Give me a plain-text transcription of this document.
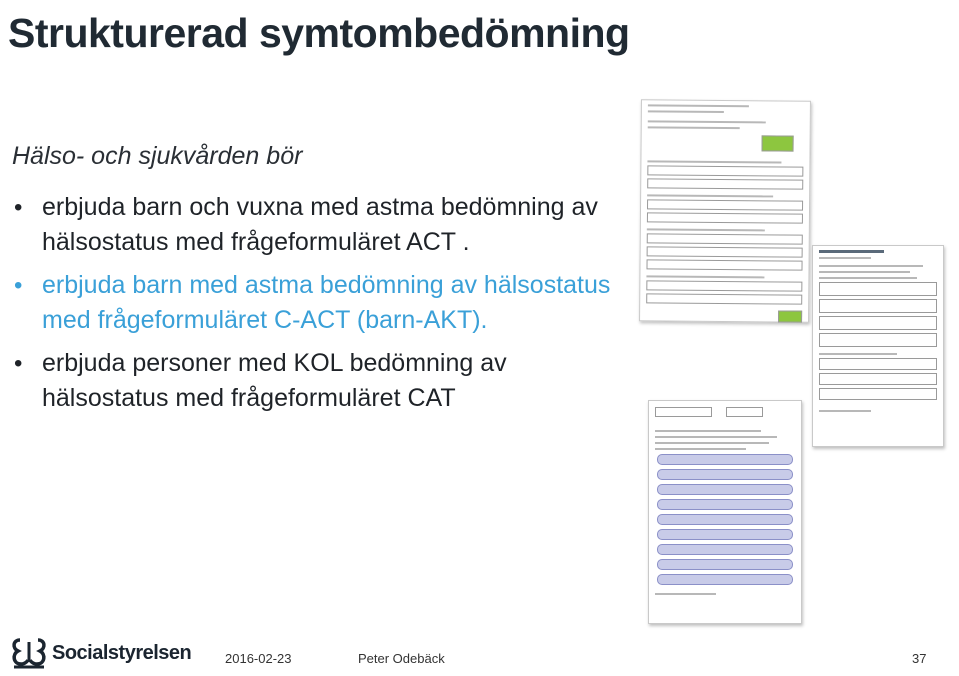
Strukturerad symtombedömning
Hälso- och sjukvården bör
• erbjuda barn och vuxna med astma bedömning av hälsostatus med frågeformuläret ACT .
• erbjuda barn med astma bedömning av hälsostatus med frågeformuläret C-ACT (barn-AKT).
• erbjuda personer med KOL bedömning av hälsostatus med frågeformuläret CAT

Socialstyrelsen	2016-02-23	Peter Odebäck	37
